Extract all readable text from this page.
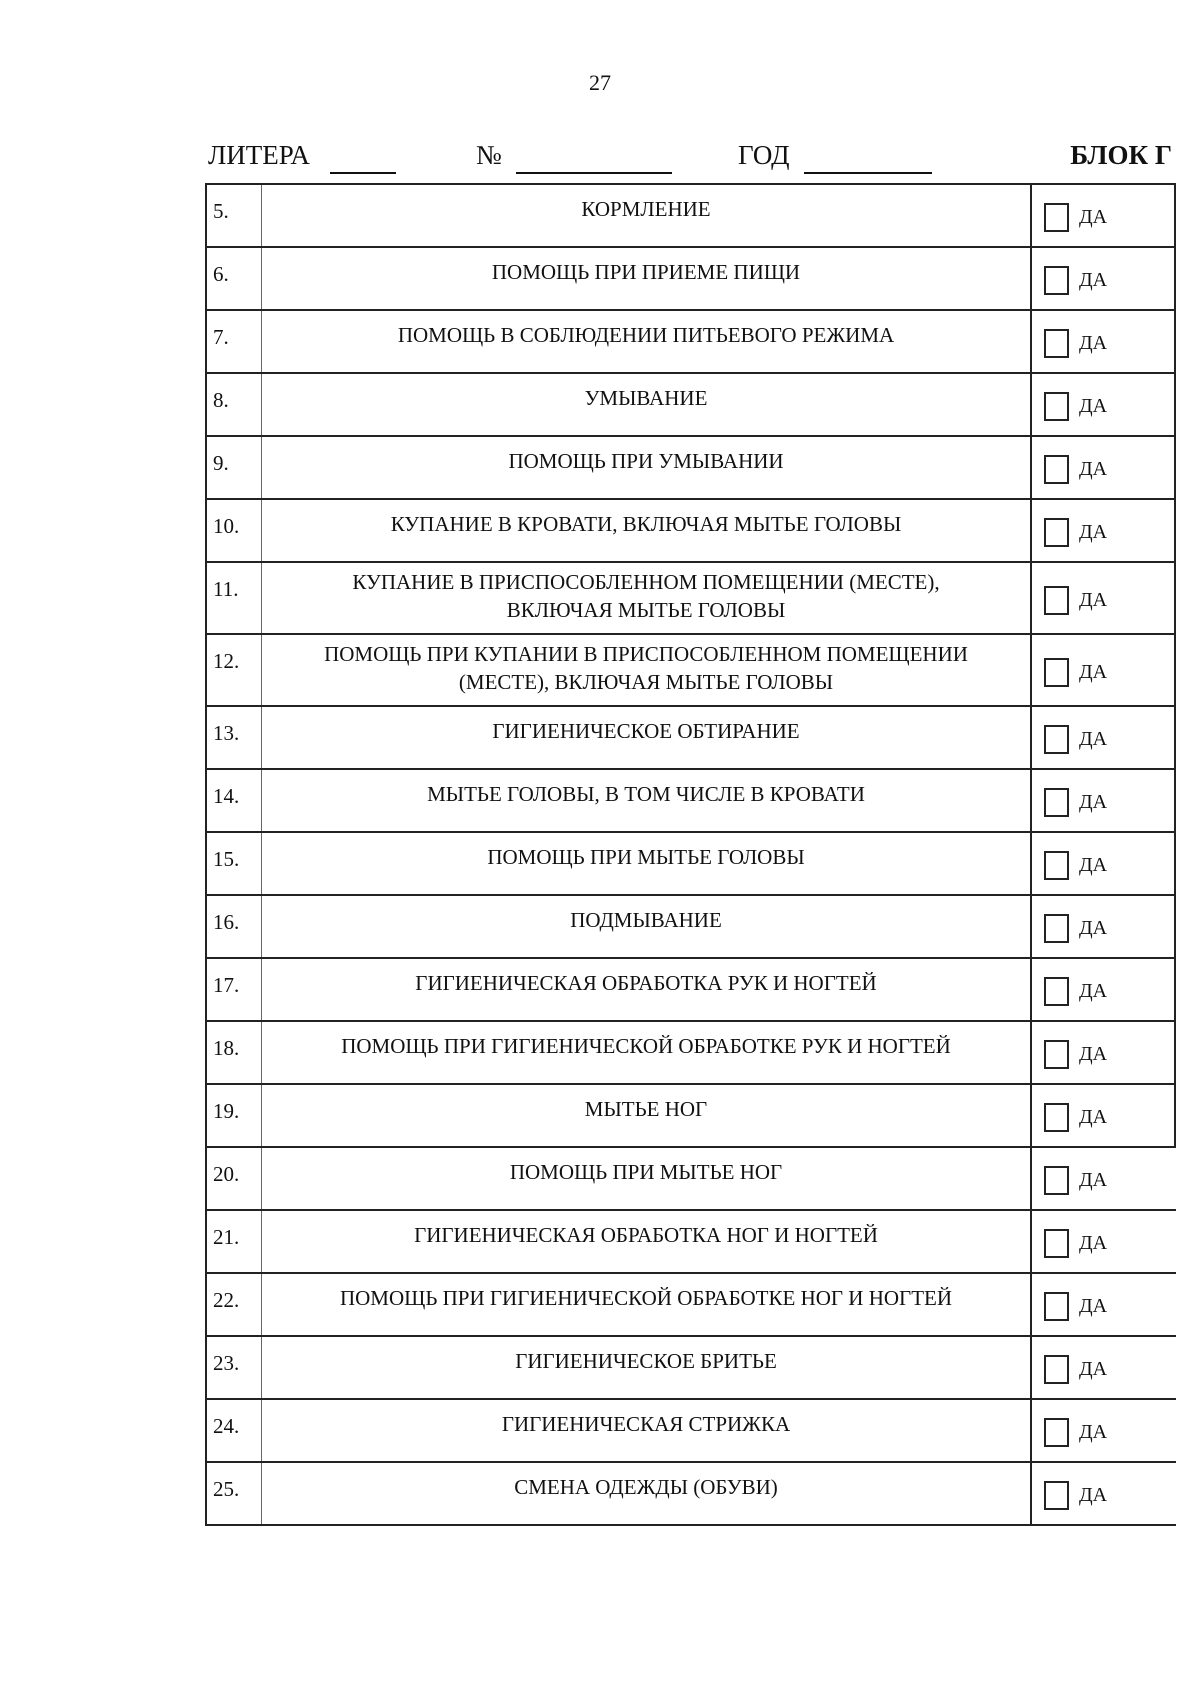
27
ЛИТЕРА	№	ГОД	БЛОК Г
5.	КОРМЛЕНИЕ	ДА
6.	ПОМОЩЬ ПРИ ПРИЕМЕ ПИЩИ	ДА
7.	ПОМОЩЬ В СОБЛЮДЕНИИ ПИТЬЕВОГО РЕЖИМА	ДА
8.	УМЫВАНИЕ	ДА
9.	ПОМОЩЬ ПРИ УМЫВАНИИ	ДА
10.	КУПАНИЕ В КРОВАТИ, ВКЛЮЧАЯ МЫТЬЕ ГОЛОВЫ	ДА
11.	КУПАНИЕ В ПРИСПОСОБЛЕННОМ ПОМЕЩЕНИИ (МЕСТЕ),
ВКЛЮЧАЯ МЫТЬЕ ГОЛОВЫ	ДА
12.	ПОМОЩЬ ПРИ КУПАНИИ В ПРИСПОСОБЛЕННОМ ПОМЕЩЕНИИ
(МЕСТЕ), ВКЛЮЧАЯ МЫТЬЕ ГОЛОВЫ	ДА
13.	ГИГИЕНИЧЕСКОЕ ОБТИРАНИЕ	ДА
14.	МЫТЬЕ ГОЛОВЫ, В ТОМ ЧИСЛЕ В КРОВАТИ	ДА
15.	ПОМОЩЬ ПРИ МЫТЬЕ ГОЛОВЫ	ДА
16.	ПОДМЫВАНИЕ	ДА
17.	ГИГИЕНИЧЕСКАЯ ОБРАБОТКА РУК И НОГТЕЙ	ДА
18.	ПОМОЩЬ ПРИ ГИГИЕНИЧЕСКОЙ ОБРАБОТКЕ РУК И НОГТЕЙ	ДА
19.	МЫТЬЕ НОГ	ДА
20.	ПОМОЩЬ ПРИ МЫТЬЕ НОГ	ДА
21.	ГИГИЕНИЧЕСКАЯ ОБРАБОТКА НОГ И НОГТЕЙ	ДА
22.	ПОМОЩЬ ПРИ ГИГИЕНИЧЕСКОЙ ОБРАБОТКЕ НОГ И НОГТЕЙ	ДА
23.	ГИГИЕНИЧЕСКОЕ БРИТЬЕ	ДА
24.	ГИГИЕНИЧЕСКАЯ СТРИЖКА	ДА
25.	СМЕНА ОДЕЖДЫ (ОБУВИ)	ДА
